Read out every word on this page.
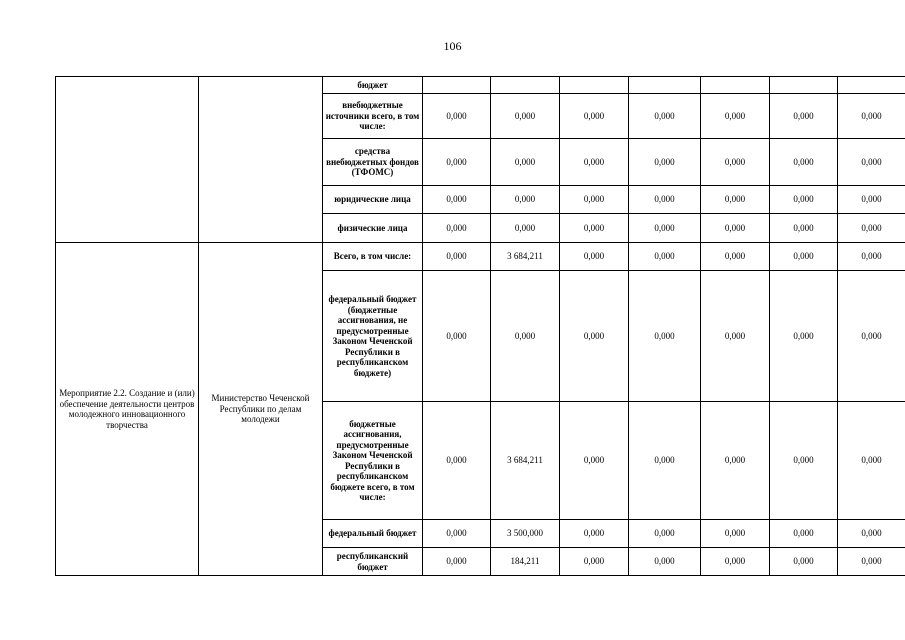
106
		бюджет							
		внебюджетные источники всего, в том числе:	0,000	0,000	0,000	0,000	0,000	0,000	0,000
		средства внебюджетных фондов (ТФОМС)	0,000	0,000	0,000	0,000	0,000	0,000	0,000
		юридические лица	0,000	0,000	0,000	0,000	0,000	0,000	0,000
		физические лица	0,000	0,000	0,000	0,000	0,000	0,000	0,000
Мероприятие 2.2. Создание и (или) обеспечение деятельности центров молодежного инновационного творчества	Министерство Чеченской Республики по делам молодежи	Всего, в том числе:	0,000	3 684,211	0,000	0,000	0,000	0,000	0,000
		федеральный бюджет (бюджетные ассигнования, не предусмотренные Законом Чеченской Республики в республиканском бюджете)	0,000	0,000	0,000	0,000	0,000	0,000	0,000
		бюджетные ассигнования, предусмотренные Законом Чеченской Республики в республиканском бюджете всего, в том числе:	0,000	3 684,211	0,000	0,000	0,000	0,000	0,000
		федеральный бюджет	0,000	3 500,000	0,000	0,000	0,000	0,000	0,000
		республиканский бюджет	0,000	184,211	0,000	0,000	0,000	0,000	0,000
